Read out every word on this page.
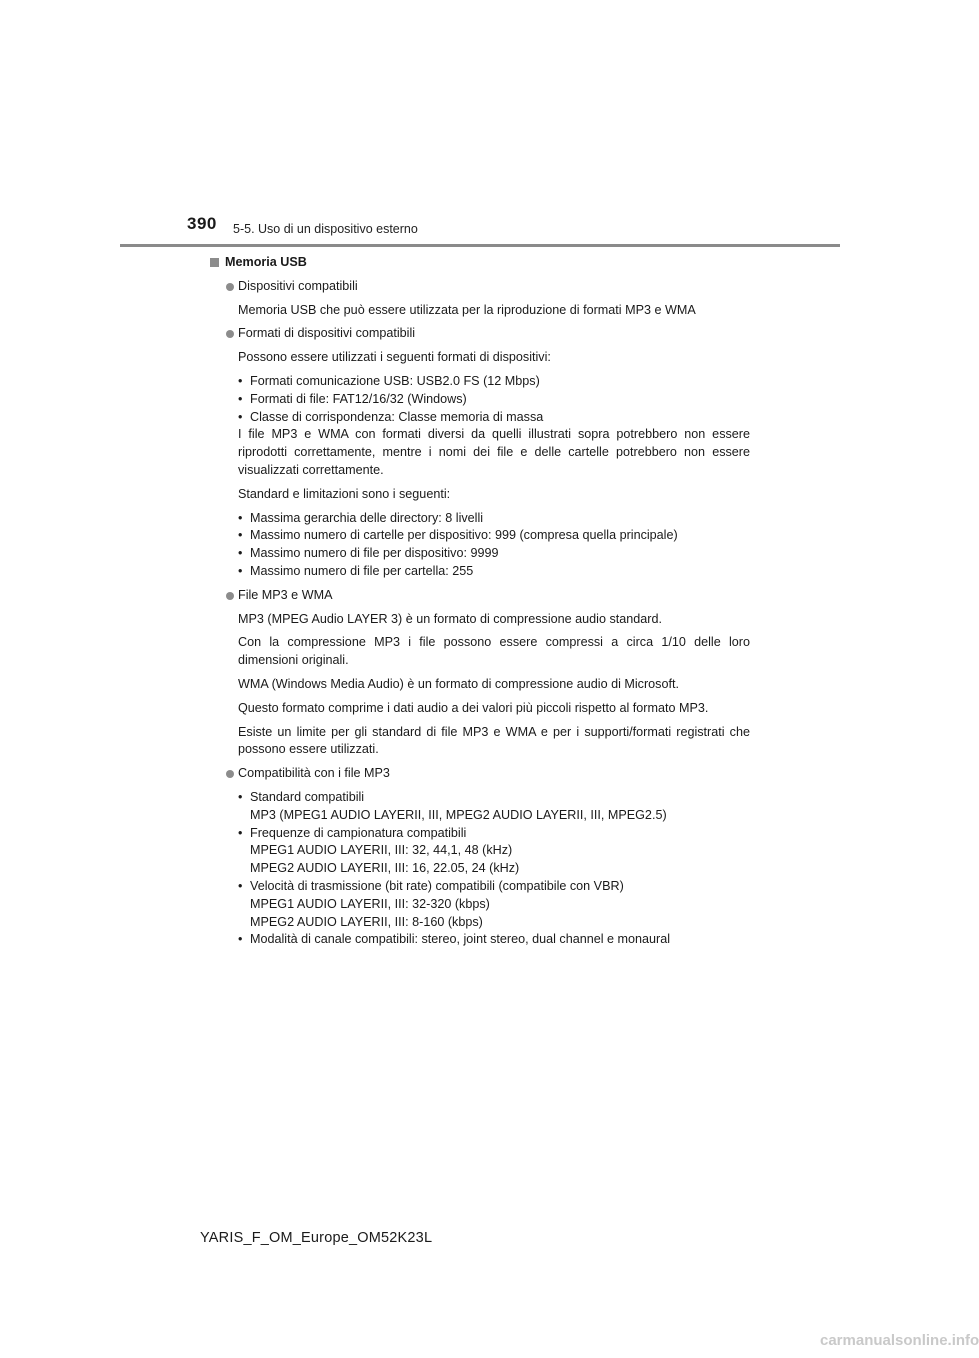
390 5-5. Uso di un dispositivo esterno
Memoria USB
Dispositivi compatibili

Memoria USB che può essere utilizzata per la riproduzione di formati MP3 e WMA

Formati di dispositivi compatibili

Possono essere utilizzati i seguenti formati di dispositivi:

• Formati comunicazione USB: USB2.0 FS (12 Mbps)
• Formati di file: FAT12/16/32 (Windows)
• Classe di corrispondenza: Classe memoria di massa
I file MP3 e WMA con formati diversi da quelli illustrati sopra potrebbero non essere riprodotti correttamente, mentre i nomi dei file e delle cartelle potrebbero non essere visualizzati correttamente.

Standard e limitazioni sono i seguenti:

• Massima gerarchia delle directory: 8 livelli
• Massimo numero di cartelle per dispositivo: 999 (compresa quella principale)
• Massimo numero di file per dispositivo: 9999
• Massimo numero di file per cartella: 255
File MP3 e WMA

MP3 (MPEG Audio LAYER 3) è un formato di compressione audio standard.

Con la compressione MP3 i file possono essere compressi a circa 1/10 delle loro dimensioni originali.

WMA (Windows Media Audio) è un formato di compressione audio di Microsoft.

Questo formato comprime i dati audio a dei valori più piccoli rispetto al formato MP3.

Esiste un limite per gli standard di file MP3 e WMA e per i supporti/formati registrati che possono essere utilizzati.

Compatibilità con i file MP3
• Standard compatibili
MP3 (MPEG1 AUDIO LAYERII, III, MPEG2 AUDIO LAYERII, III, MPEG2.5)
• Frequenze di campionatura compatibili
MPEG1 AUDIO LAYERII, III: 32, 44,1, 48 (kHz)
MPEG2 AUDIO LAYERII, III: 16, 22.05, 24 (kHz)
• Velocità di trasmissione (bit rate) compatibili (compatibile con VBR)
MPEG1 AUDIO LAYERII, III: 32-320 (kbps)
MPEG2 AUDIO LAYERII, III: 8-160 (kbps)
• Modalità di canale compatibili: stereo, joint stereo, dual channel e monaural
YARIS_F_OM_Europe_OM52K23L
carmanualsonline.info
